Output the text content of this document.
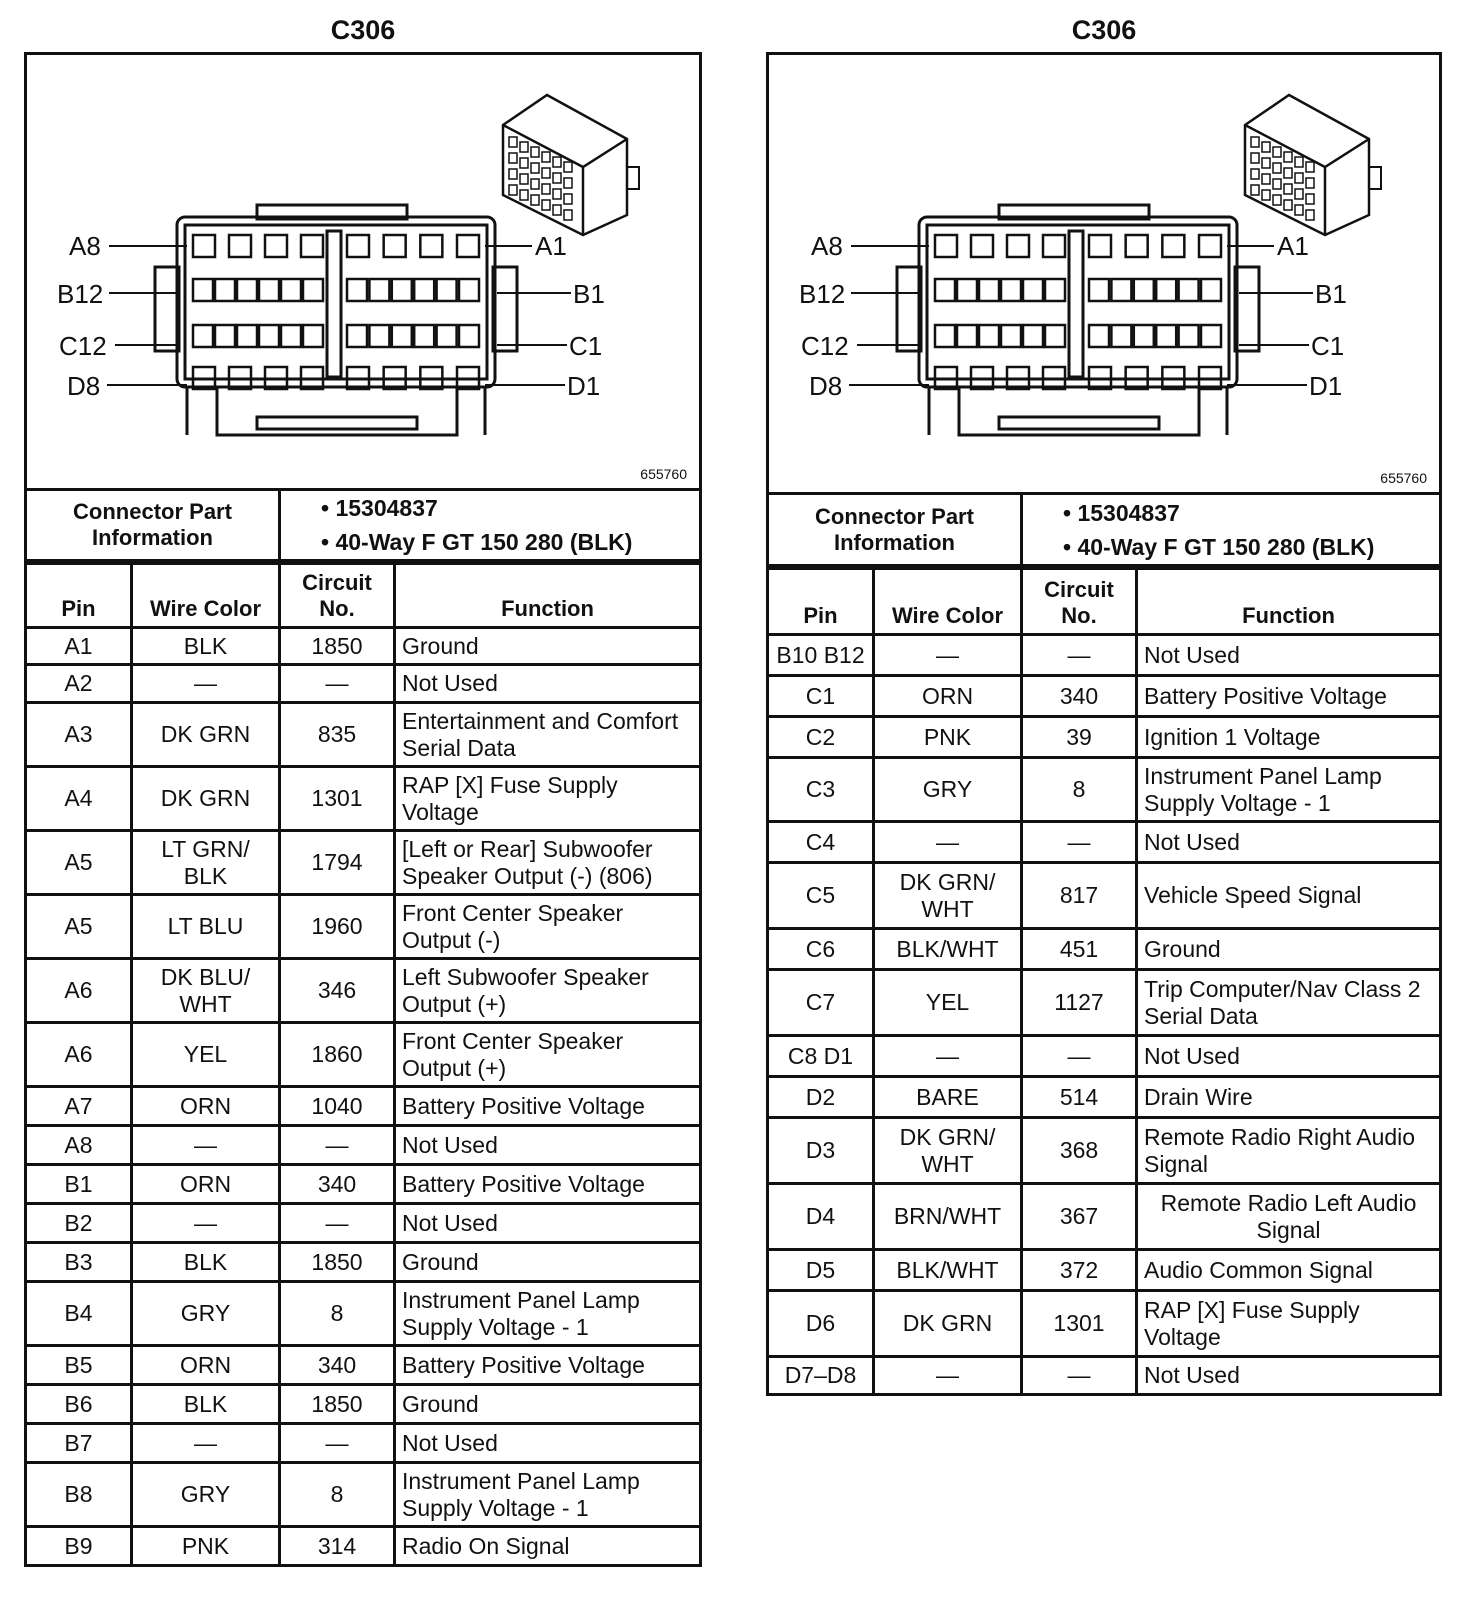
C306
A8	A1
B12	B1
C12	C1
D8	D1
655760
Connector Part Information	
• 15304837
• 40-Way F GT 150 280 (BLK)
Pin	Wire Color	Circuit No.	Function
A1	BLK	1850	Ground
A2	—	—	Not Used
A3	DK GRN	835	Entertainment and Comfort Serial Data
A4	DK GRN	1301	RAP [X] Fuse Supply Voltage
A5	LT GRN/ BLK	1794	[Left or Rear] Subwoofer Speaker Output (-) (806)
A5	LT BLU	1960	Front Center Speaker Output (-)
A6	DK BLU/ WHT	346	Left Subwoofer Speaker Output (+)
A6	YEL	1860	Front Center Speaker Output (+)
A7	ORN	1040	Battery Positive Voltage
A8	—	—	Not Used
B1	ORN	340	Battery Positive Voltage
B2	—	—	Not Used
B3	BLK	1850	Ground
B4	GRY	8	Instrument Panel Lamp Supply Voltage - 1
B5	ORN	340	Battery Positive Voltage
B6	BLK	1850	Ground
B7	—	—	Not Used
B8	GRY	8	Instrument Panel Lamp Supply Voltage - 1
B9	PNK	314	Radio On Signal
C306
A8	A1
B12	B1
C12	C1
D8	D1
655760
Connector Part Information	
• 15304837
• 40-Way F GT 150 280 (BLK)
Pin	Wire Color	Circuit No.	Function
B10 B12	—	—	Not Used
C1	ORN	340	Battery Positive Voltage
C2	PNK	39	Ignition 1 Voltage
C3	GRY	8	Instrument Panel Lamp Supply Voltage - 1
C4	—	—	Not Used
C5	DK GRN/ WHT	817	Vehicle Speed Signal
C6	BLK/WHT	451	Ground
C7	YEL	1127	Trip Computer/Nav Class 2 Serial Data
C8 D1	—	—	Not Used
D2	BARE	514	Drain Wire
D3	DK GRN/ WHT	368	Remote Radio Right Audio Signal
D4	BRN/WHT	367	Remote Radio Left Audio Signal
D5	BLK/WHT	372	Audio Common Signal
D6	DK GRN	1301	RAP [X] Fuse Supply Voltage
D7–D8	—	—	Not Used
